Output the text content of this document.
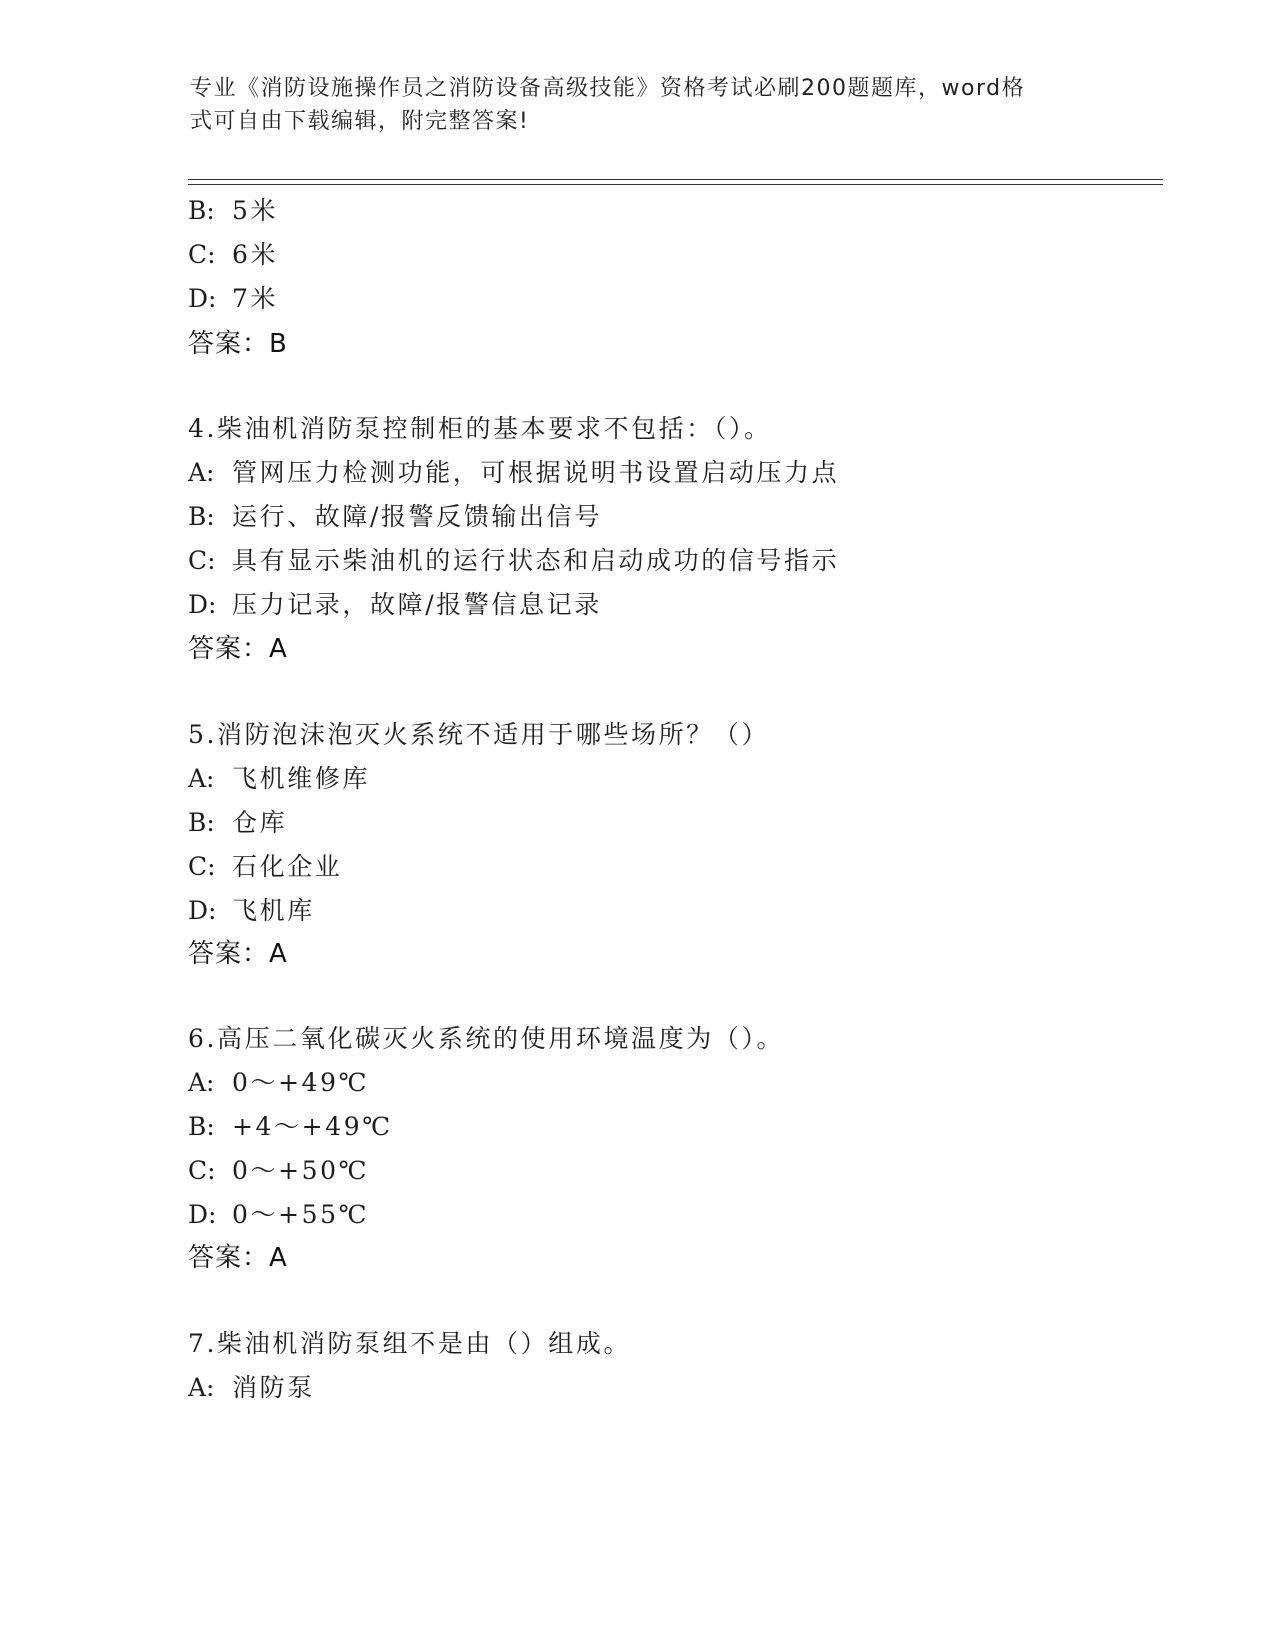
专业《消防设施操作员之消防设备高级技能》资格考试必刷200题题库，word格
式可自由下载编辑，附完整答案!
B: 5米
C: 6米
D: 7米
答案：B
4.柴油机消防泵控制柜的基本要求不包括：（）。
A: 管网压力检测功能，可根据说明书设置启动压力点
B: 运行、故障/报警反馈输出信号
C: 具有显示柴油机的运行状态和启动成功的信号指示
D: 压力记录，故障/报警信息记录
答案：A
5.消防泡沫泡灭火系统不适用于哪些场所？（）
A: 飞机维修库
B: 仓库
C: 石化企业
D: 飞机库
答案：A
6.高压二氧化碳灭火系统的使用环境温度为（）。
A: 0～+49℃
B: +4～+49℃
C: 0～+50℃
D: 0～+55℃
答案：A
7.柴油机消防泵组不是由（）组成。
A: 消防泵
